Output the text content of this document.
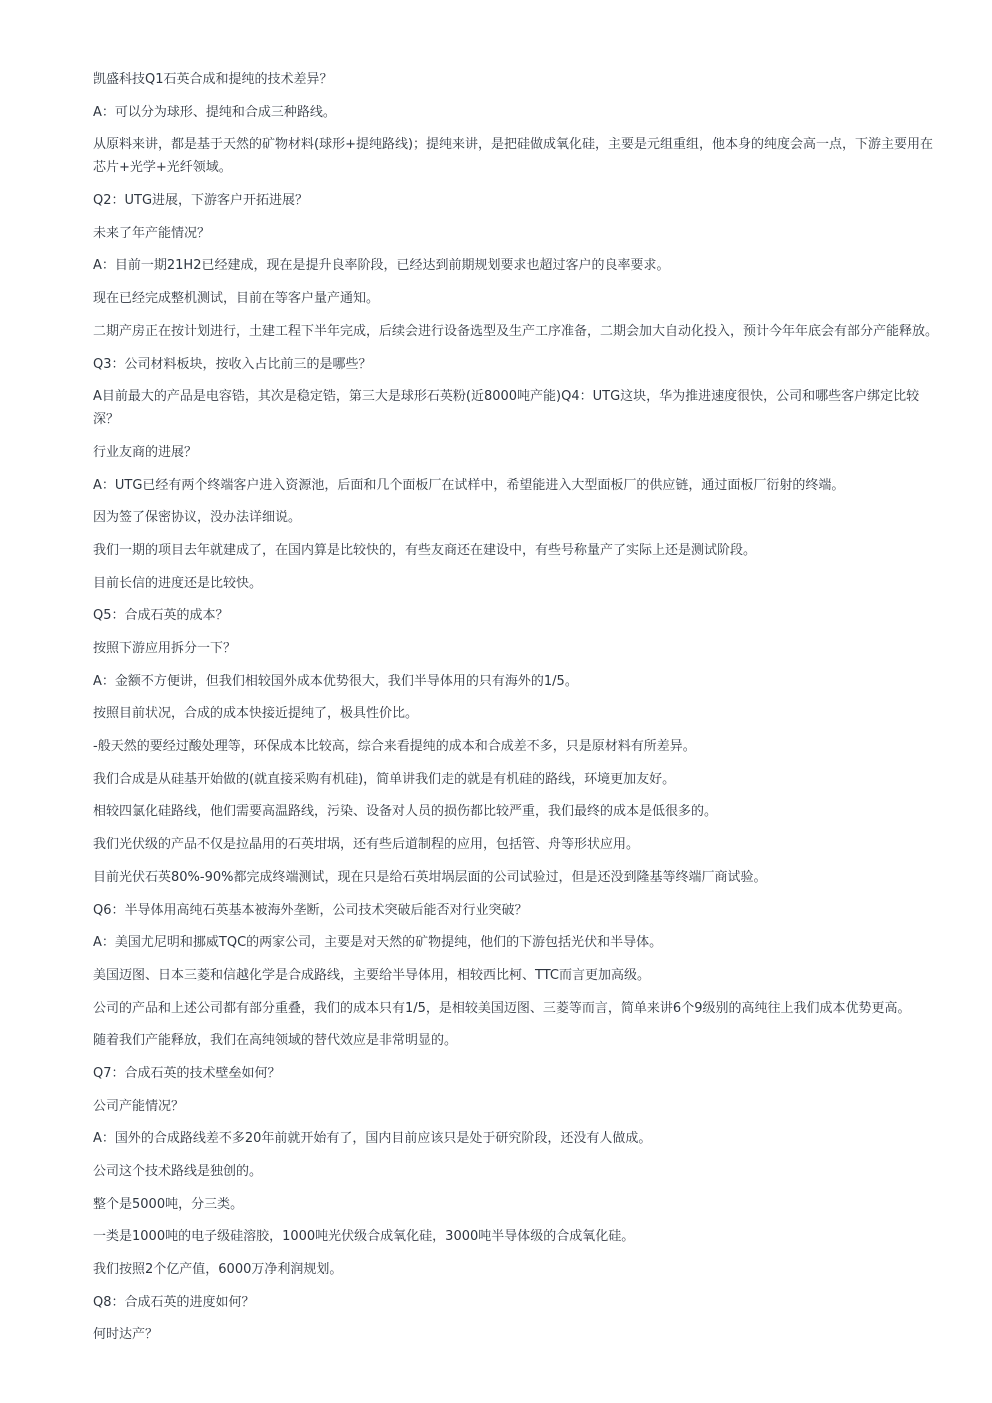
凯盛科技Q1石英合成和提纯的技术差异？

A：可以分为球形、提纯和合成三种路线。

从原料来讲，都是基于天然的矿物材料(球形+提纯路线)；提纯来讲，是把硅做成氧化硅，主要是元组重组，他本身的纯度会高一点，下游主要用在芯片+光学+光纤领域。

Q2：UTG进展，下游客户开拓进展？

未来了年产能情况？

A：目前一期21H2已经建成，现在是提升良率阶段，已经达到前期规划要求也超过客户的良率要求。

现在已经完成整机测试，目前在等客户量产通知。

二期产房正在按计划进行，土建工程下半年完成，后续会进行设备选型及生产工序准备，二期会加大自动化投入，预计今年年底会有部分产能释放。

Q3：公司材料板块，按收入占比前三的是哪些？

A目前最大的产品是电容锆，其次是稳定锆，第三大是球形石英粉(近8000吨产能)Q4：UTG这块，华为推进速度很快，公司和哪些客户绑定比较深？

行业友商的进展？

A：UTG已经有两个终端客户进入资源池，后面和几个面板厂在试样中，希望能进入大型面板厂的供应链，通过面板厂衍射的终端。

因为签了保密协议，没办法详细说。

我们一期的项目去年就建成了，在国内算是比较快的，有些友商还在建设中，有些号称量产了实际上还是测试阶段。

目前长信的进度还是比较快。

Q5：合成石英的成本？

按照下游应用拆分一下？

A：金额不方便讲，但我们相较国外成本优势很大，我们半导体用的只有海外的1/5。

按照目前状况，合成的成本快接近提纯了，极具性价比。

-般天然的要经过酸处理等，环保成本比较高，综合来看提纯的成本和合成差不多，只是原材料有所差异。

我们合成是从硅基开始做的(就直接采购有机硅)，简单讲我们走的就是有机硅的路线，环境更加友好。

相较四氯化硅路线，他们需要高温路线，污染、设备对人员的损伤都比较严重，我们最终的成本是低很多的。

我们光伏级的产品不仅是拉晶用的石英坩埚，还有些后道制程的应用，包括管、舟等形状应用。

目前光伏石英80%-90%都完成终端测试，现在只是给石英坩埚层面的公司试验过，但是还没到隆基等终端厂商试验。

Q6：半导体用高纯石英基本被海外垄断，公司技术突破后能否对行业突破？

A：美国尤尼明和挪威TQC的两家公司，主要是对天然的矿物提纯，他们的下游包括光伏和半导体。

美国迈图、日本三菱和信越化学是合成路线，主要给半导体用，相较西比柯、TTC而言更加高级。

公司的产品和上述公司都有部分重叠，我们的成本只有1/5，是相较美国迈图、三菱等而言，简单来讲6个9级别的高纯往上我们成本优势更高。

随着我们产能释放，我们在高纯领域的替代效应是非常明显的。

Q7：合成石英的技术壁垒如何？

公司产能情况？

A：国外的合成路线差不多20年前就开始有了，国内目前应该只是处于研究阶段，还没有人做成。

公司这个技术路线是独创的。

整个是5000吨，分三类。

一类是1000吨的电子级硅溶胶，1000吨光伏级合成氧化硅，3000吨半导体级的合成氧化硅。

我们按照2个亿产值，6000万净利润规划。

Q8：合成石英的进度如何？

何时达产？
